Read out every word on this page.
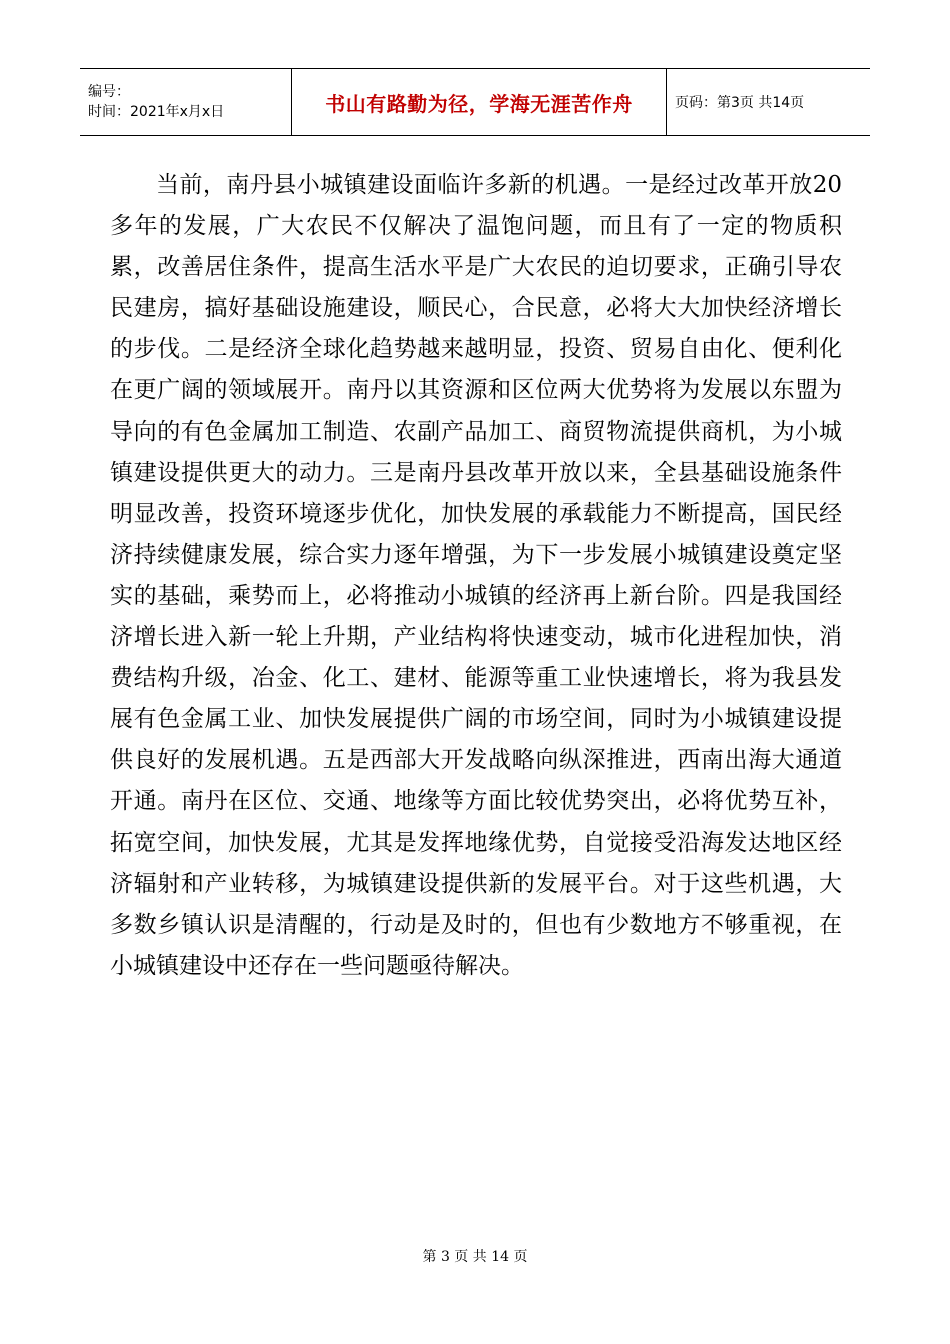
编号：
时间：2021年x月x日	书山有路勤为径，学海无涯苦作舟	页码：第3页 共14页

当前，南丹县小城镇建设面临许多新的机遇。一是经过改革开放20多年的发展，广大农民不仅解决了温饱问题，而且有了一定的物质积累，改善居住条件，提高生活水平是广大农民的迫切要求，正确引导农民建房，搞好基础设施建设，顺民心，合民意，必将大大加快经济增长的步伐。二是经济全球化趋势越来越明显，投资、贸易自由化、便利化在更广阔的领域展开。南丹以其资源和区位两大优势将为发展以东盟为导向的有色金属加工制造、农副产品加工、商贸物流提供商机，为小城镇建设提供更大的动力。三是南丹县改革开放以来，全县基础设施条件明显改善，投资环境逐步优化，加快发展的承载能力不断提高，国民经济持续健康发展，综合实力逐年增强，为下一步发展小城镇建设奠定坚实的基础，乘势而上，必将推动小城镇的经济再上新台阶。四是我国经济增长进入新一轮上升期，产业结构将快速变动，城市化进程加快，消费结构升级，冶金、化工、建材、能源等重工业快速增长，将为我县发展有色金属工业、加快发展提供广阔的市场空间，同时为小城镇建设提供良好的发展机遇。五是西部大开发战略向纵深推进，西南出海大通道开通。南丹在区位、交通、地缘等方面比较优势突出，必将优势互补，拓宽空间，加快发展，尤其是发挥地缘优势，自觉接受沿海发达地区经济辐射和产业转移，为城镇建设提供新的发展平台。对于这些机遇，大多数乡镇认识是清醒的，行动是及时的，但也有少数地方不够重视，在小城镇建设中还存在一些问题亟待解决。

第 3 页 共 14 页
